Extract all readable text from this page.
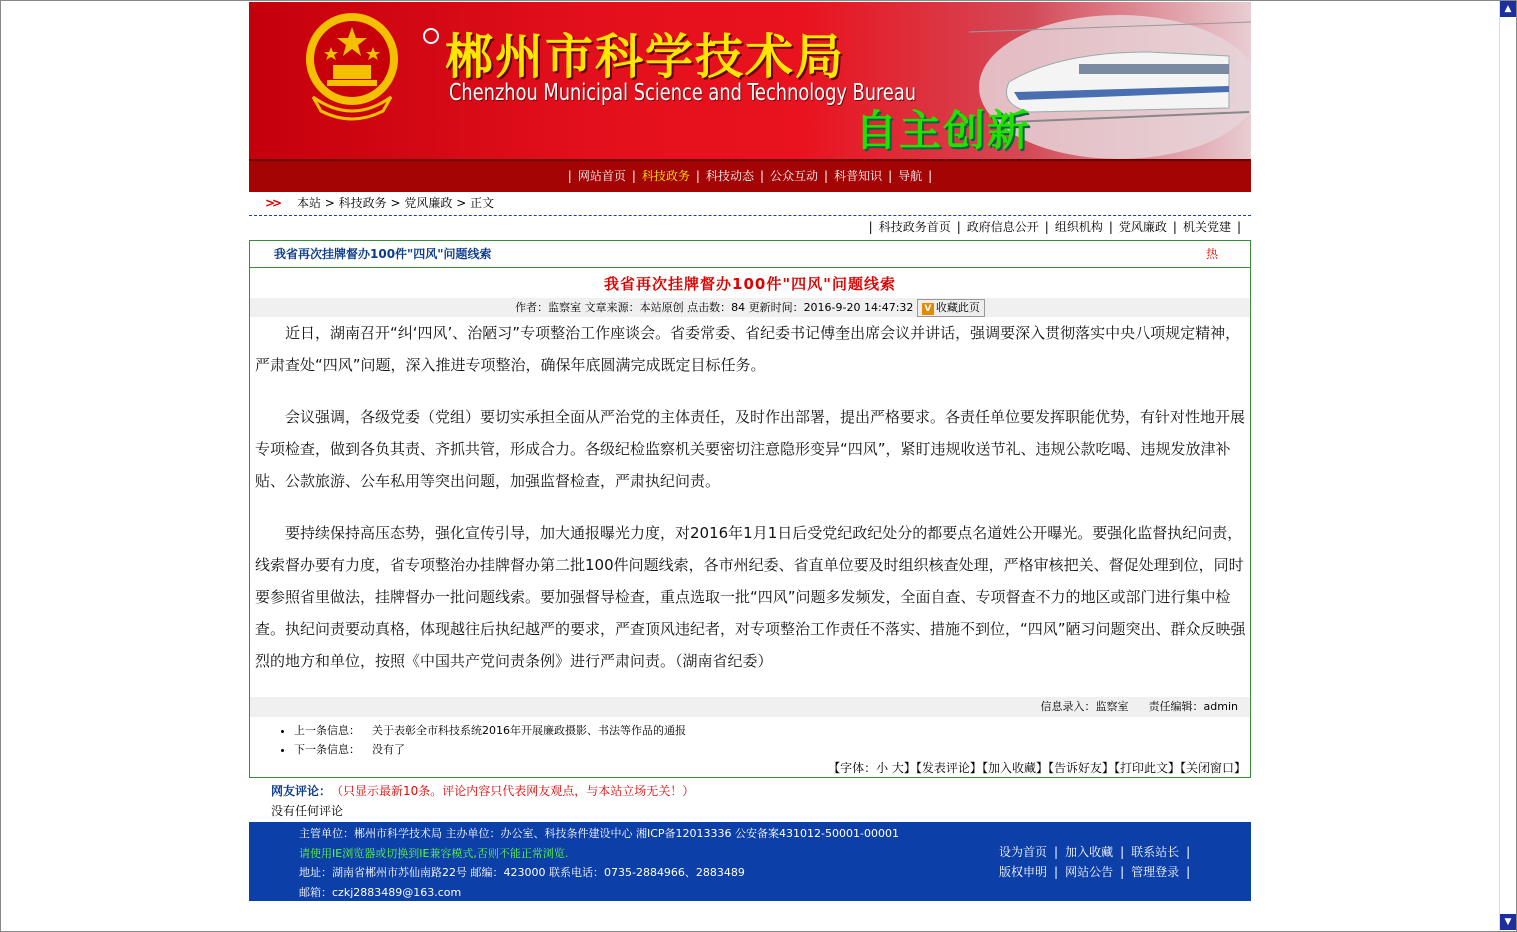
▲
▼
郴州市科学技术局
Chenzhou Municipal Science and Technology Bureau
自主创新
| 网站首页 | 科技政务 | 科技动态 | 公众互动 | 科普知识 | 导航 |
>> 本站 > 科技政务 > 党风廉政 > 正文
| 科技政务首页 | 政府信息公开 | 组织机构 | 党风廉政 | 机关党建 |
我省再次挂牌督办100件"四风"问题线索	热
我省再次挂牌督办100件"四风"问题线索
作者：监察室 文章来源：本站原创 点击数：84 更新时间：2016-9-20 14:47:32 V 收藏此页

近日，湖南召开“纠‘四风’、治陋习”专项整治工作座谈会。省委常委、省纪委书记傅奎出席会议并讲话，强调要深入贯彻落实中央八项规定精神，严肃查处“四风”问题，深入推进专项整治，确保年底圆满完成既定目标任务。

会议强调，各级党委（党组）要切实承担全面从严治党的主体责任，及时作出部署，提出严格要求。各责任单位要发挥职能优势，有针对性地开展专项检查，做到各负其责、齐抓共管，形成合力。各级纪检监察机关要密切注意隐形变异“四风”，紧盯违规收送节礼、违规公款吃喝、违规发放津补贴、公款旅游、公车私用等突出问题，加强监督检查，严肃执纪问责。

要持续保持高压态势，强化宣传引导，加大通报曝光力度，对2016年1月1日后受党纪政纪处分的都要点名道姓公开曝光。要强化监督执纪问责，线索督办要有力度，省专项整治办挂牌督办第二批100件问题线索，各市州纪委、省直单位要及时组织核查处理，严格审核把关、督促处理到位，同时要参照省里做法，挂牌督办一批问题线索。要加强督导检查，重点选取一批“四风”问题多发频发，全面自查、专项督查不力的地区或部门进行集中检查。执纪问责要动真格，体现越往后执纪越严的要求，严查顶风违纪者，对专项整治工作责任不落实、措施不到位，“四风”陋习问题突出、群众反映强烈的地方和单位，按照《中国共产党问责条例》进行严肃问责。（湖南省纪委）

信息录入：监察室 责任编辑：admin
• 上一条信息： 关于表彰全市科技系统2016年开展廉政摄影、书法等作品的通报
• 下一条信息： 没有了
【字体：小 大】【发表评论】【加入收藏】【告诉好友】【打印此文】【关闭窗口】
网友评论： （只显示最新10条。评论内容只代表网友观点，与本站立场无关！）
没有任何评论
主管单位：郴州市科学技术局 主办单位：办公室、科技条件建设中心 湘ICP备12013336 公安备案431012-50001-00001
请使用IE浏览器或切换到IE兼容模式,否则不能正常浏览.
地址：湖南省郴州市苏仙南路22号 邮编：423000 联系电话：0735-2884966、2883489
邮箱：czkj2883489@163.com
设为首页 | 加入收藏 | 联系站长 |
版权申明 | 网站公告 | 管理登录 |
